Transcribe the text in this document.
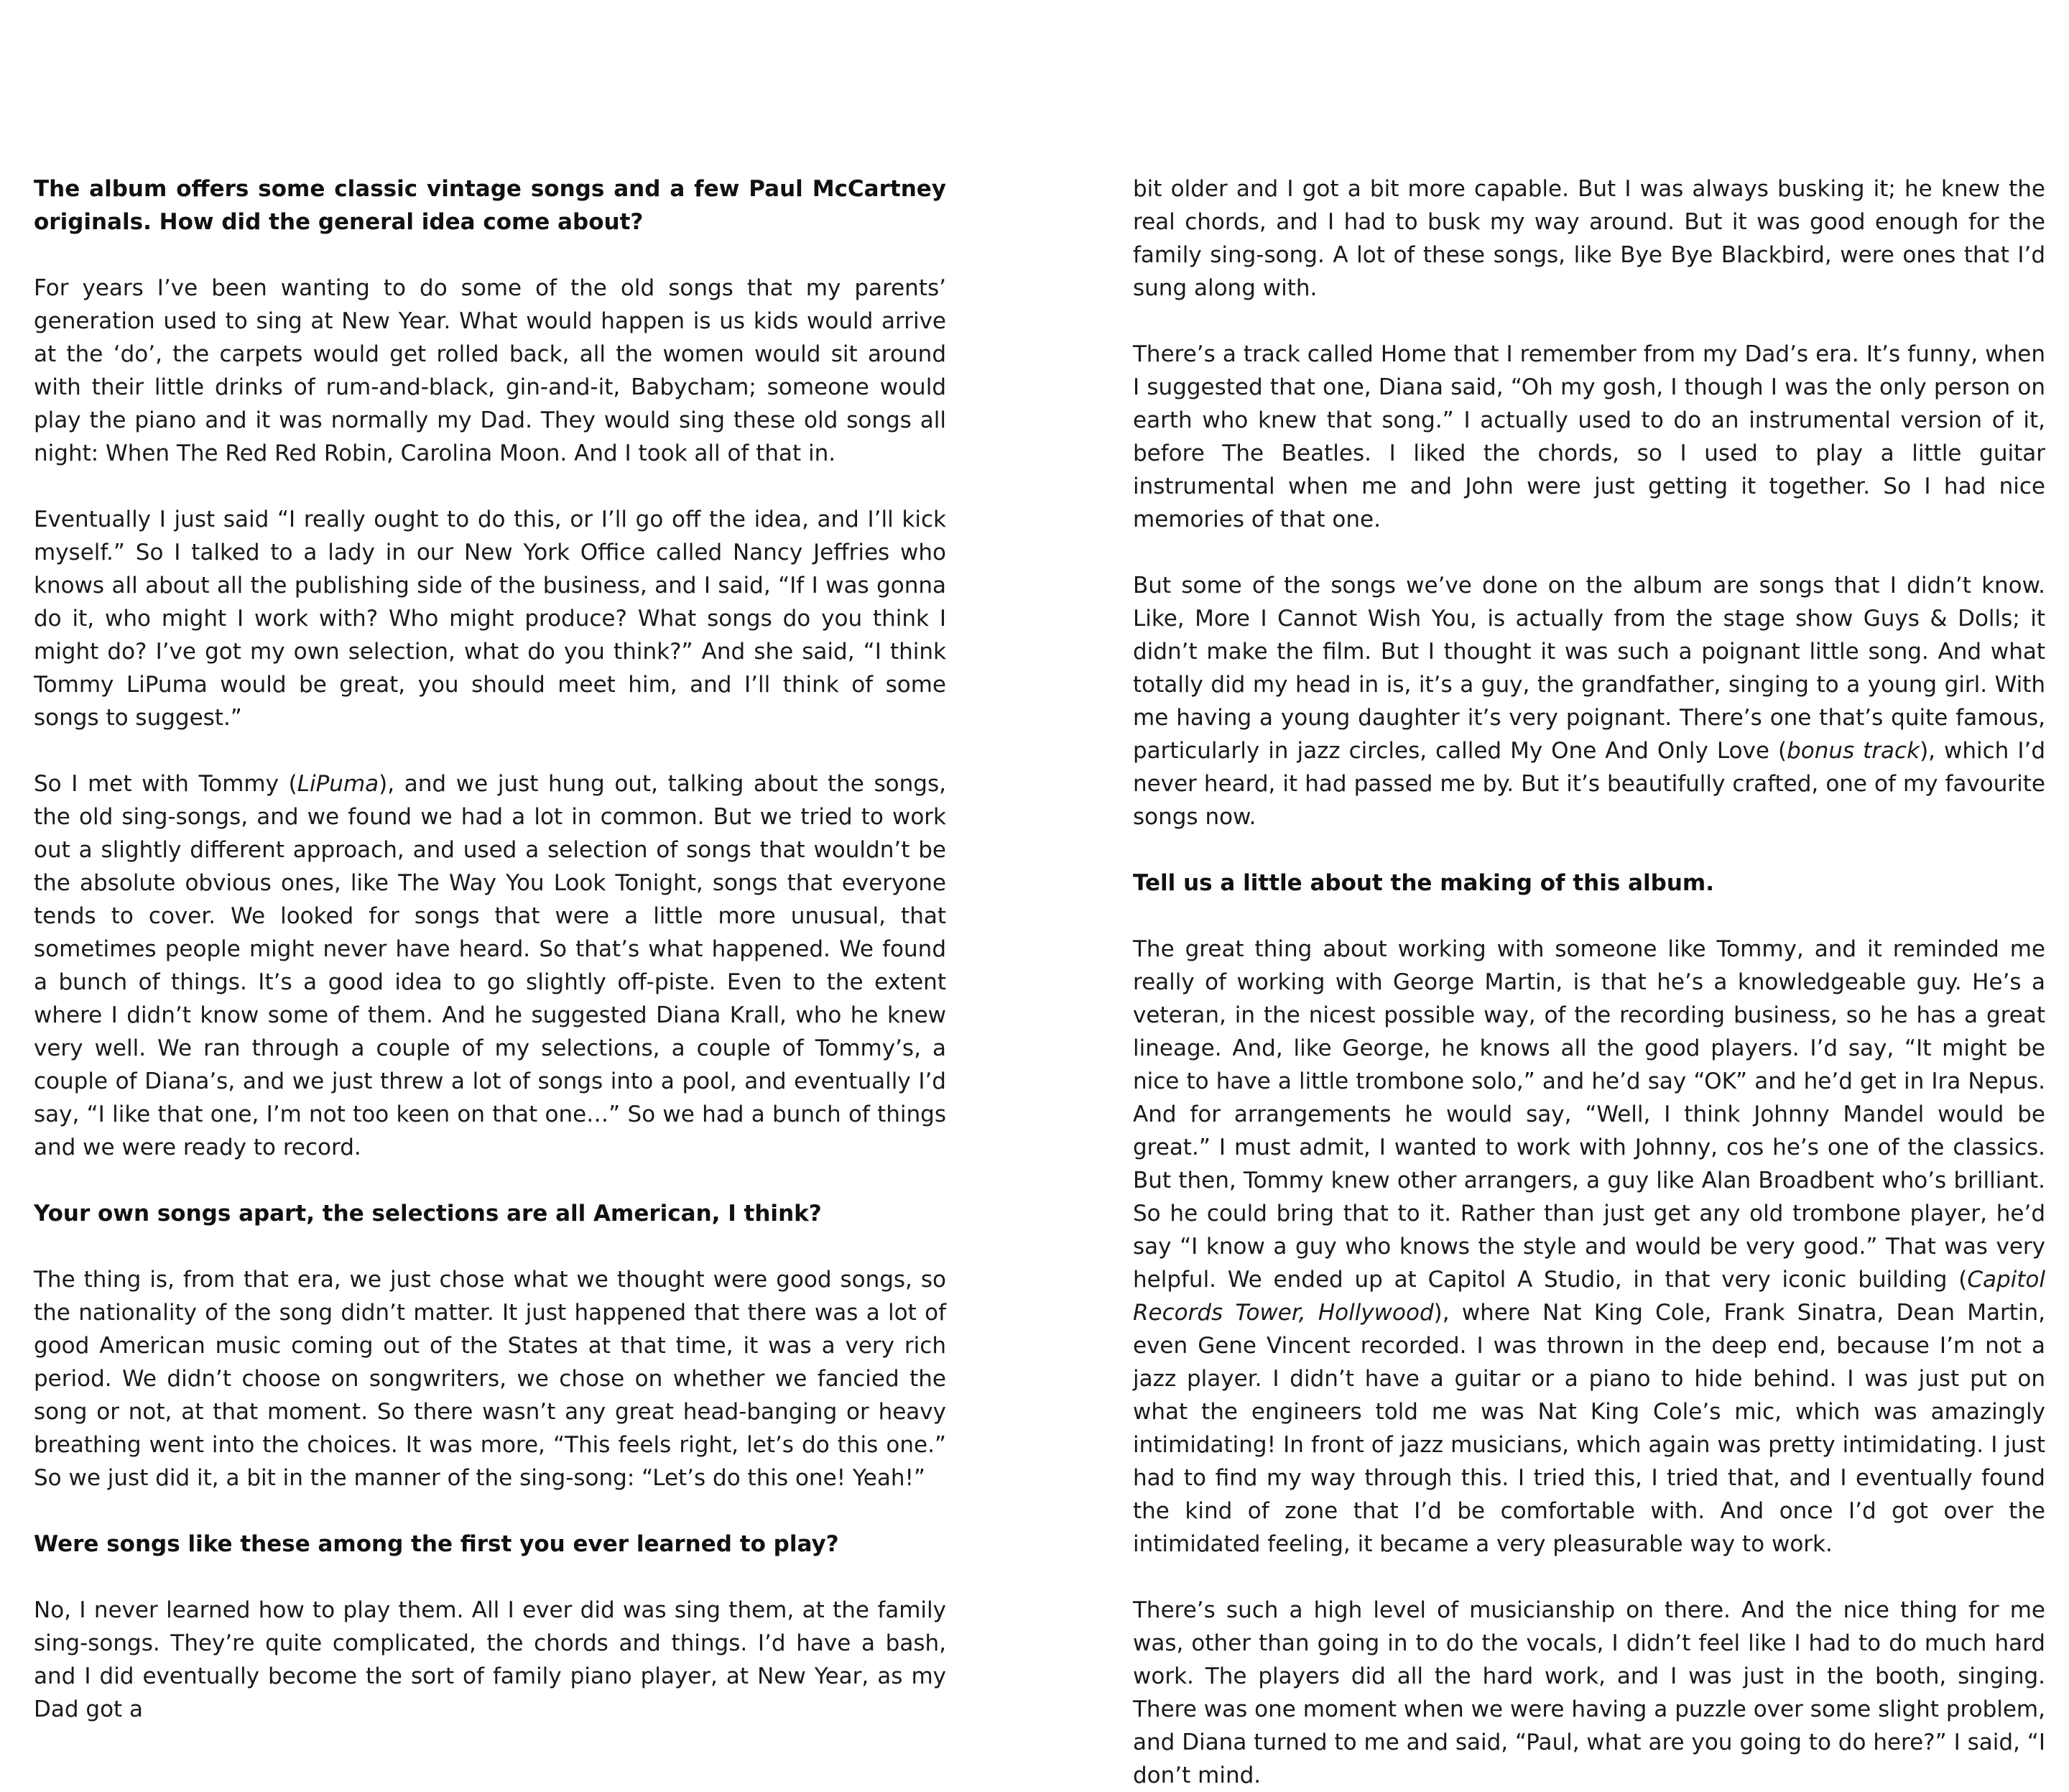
The album offers some classic vintage songs and a few Paul McCartney originals. How did the general idea come about?

For years I’ve been wanting to do some of the old songs that my parents’ generation used to sing at New Year. What would happen is us kids would arrive at the ‘do’, the carpets would get rolled back, all the women would sit around with their little drinks of rum-and-black, gin-and-it, Babycham; someone would play the piano and it was normally my Dad. They would sing these old songs all night: When The Red Red Robin, Carolina Moon. And I took all of that in.

Eventually I just said “I really ought to do this, or I’ll go off the idea, and I’ll kick myself.” So I talked to a lady in our New York Office called Nancy Jeffries who knows all about all the publishing side of the business, and I said, “If I was gonna do it, who might I work with? Who might produce? What songs do you think I might do? I’ve got my own selection, what do you think?” And she said, “I think Tommy LiPuma would be great, you should meet him, and I’ll think of some songs to suggest.”

So I met with Tommy (LiPuma), and we just hung out, talking about the songs, the old sing-songs, and we found we had a lot in common. But we tried to work out a slightly different approach, and used a selection of songs that wouldn’t be the absolute obvious ones, like The Way You Look Tonight, songs that everyone tends to cover. We looked for songs that were a little more unusual, that sometimes people might never have heard. So that’s what happened. We found a bunch of things. It’s a good idea to go slightly off-piste. Even to the extent where I didn’t know some of them. And he suggested Diana Krall, who he knew very well. We ran through a couple of my selections, a couple of Tommy’s, a couple of Diana’s, and we just threw a lot of songs into a pool, and eventually I’d say, “I like that one, I’m not too keen on that one…” So we had a bunch of things and we were ready to record.

Your own songs apart, the selections are all American, I think?

The thing is, from that era, we just chose what we thought were good songs, so the nationality of the song didn’t matter. It just happened that there was a lot of good American music coming out of the States at that time, it was a very rich period. We didn’t choose on songwriters, we chose on whether we fancied the song or not, at that moment. So there wasn’t any great head-banging or heavy breathing went into the choices. It was more, “This feels right, let’s do this one.” So we just did it, a bit in the manner of the sing-song: “Let’s do this one! Yeah!”

Were songs like these among the first you ever learned to play?

No, I never learned how to play them. All I ever did was sing them, at the family sing-songs. They’re quite complicated, the chords and things. I’d have a bash, and I did eventually become the sort of family piano player, at New Year, as my Dad got a

bit older and I got a bit more capable. But I was always busking it; he knew the real chords, and I had to busk my way around. But it was good enough for the family sing-song. A lot of these songs, like Bye Bye Blackbird, were ones that I’d sung along with.

There’s a track called Home that I remember from my Dad’s era. It’s funny, when I suggested that one, Diana said, “Oh my gosh, I though I was the only person on earth who knew that song.” I actually used to do an instrumental version of it, before The Beatles. I liked the chords, so I used to play a little guitar instrumental when me and John were just getting it together. So I had nice memories of that one.

But some of the songs we’ve done on the album are songs that I didn’t know. Like, More I Cannot Wish You, is actually from the stage show Guys & Dolls; it didn’t make the film. But I thought it was such a poignant little song. And what totally did my head in is, it’s a guy, the grandfather, singing to a young girl. With me having a young daughter it’s very poignant. There’s one that’s quite famous, particularly in jazz circles, called My One And Only Love (bonus track), which I’d never heard, it had passed me by. But it’s beautifully crafted, one of my favourite songs now.

Tell us a little about the making of this album.

The great thing about working with someone like Tommy, and it reminded me really of working with George Martin, is that he’s a knowledgeable guy. He’s a veteran, in the nicest possible way, of the recording business, so he has a great lineage. And, like George, he knows all the good players. I’d say, “It might be nice to have a little trombone solo,” and he’d say “OK” and he’d get in Ira Nepus. And for arrangements he would say, “Well, I think Johnny Mandel would be great.” I must admit, I wanted to work with Johnny, cos he’s one of the classics. But then, Tommy knew other arrangers, a guy like Alan Broadbent who’s brilliant. So he could bring that to it. Rather than just get any old trombone player, he’d say “I know a guy who knows the style and would be very good.” That was very helpful. We ended up at Capitol A Studio, in that very iconic building (Capitol Records Tower, Hollywood), where Nat King Cole, Frank Sinatra, Dean Martin, even Gene Vincent recorded. I was thrown in the deep end, because I’m not a jazz player. I didn’t have a guitar or a piano to hide behind. I was just put on what the engineers told me was Nat King Cole’s mic, which was amazingly intimidating! In front of jazz musicians, which again was pretty intimidating. I just had to find my way through this. I tried this, I tried that, and I eventually found the kind of zone that I’d be comfortable with. And once I’d got over the intimidated feeling, it became a very pleasurable way to work.

There’s such a high level of musicianship on there. And the nice thing for me was, other than going in to do the vocals, I didn’t feel like I had to do much hard work. The players did all the hard work, and I was just in the booth, singing. There was one moment when we were having a puzzle over some slight problem, and Diana turned to me and said, “Paul, what are you going to do here?” I said, “I don’t mind.
